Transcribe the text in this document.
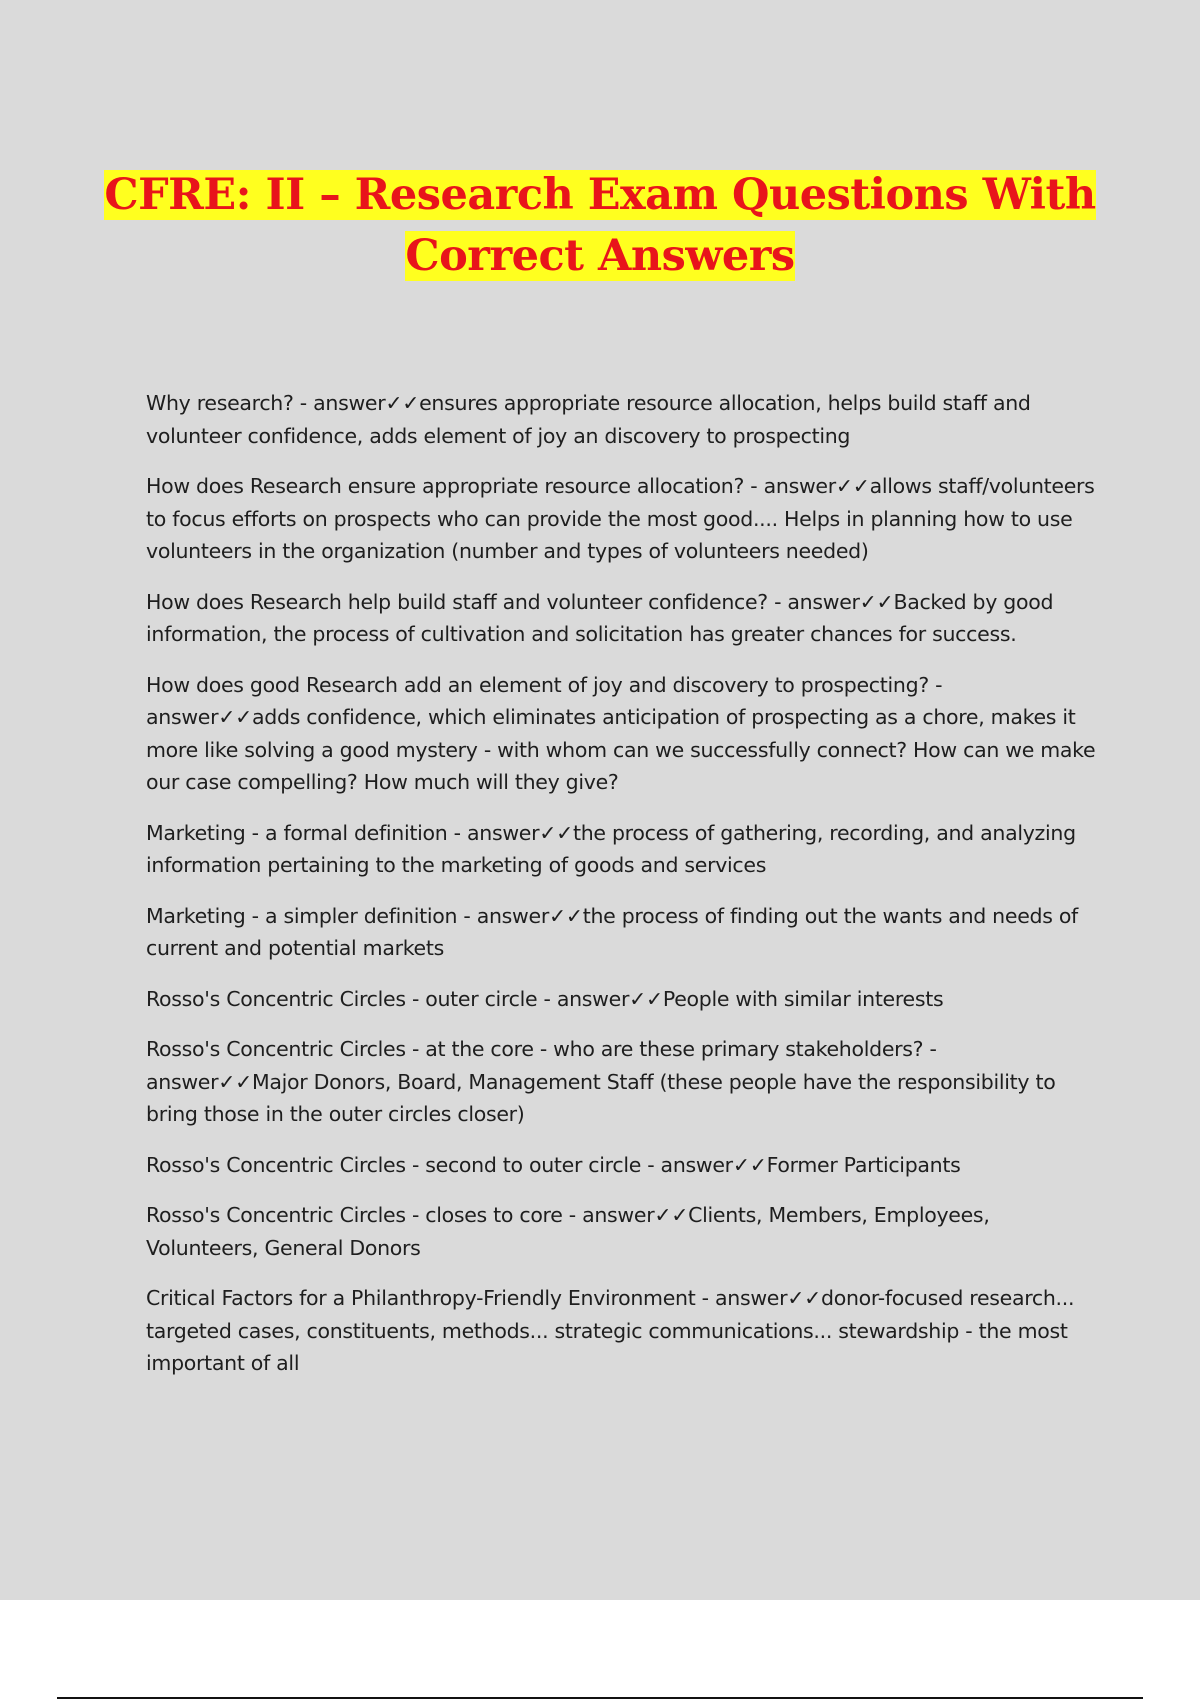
CFRE: II – Research Exam Questions With
Correct Answers

Why research? - answer✓✓ensures appropriate resource allocation, helps build staff and volunteer confidence, adds element of joy an discovery to prospecting

How does Research ensure appropriate resource allocation? - answer✓✓allows staff/volunteers to focus efforts on prospects who can provide the most good.... Helps in planning how to use volunteers in the organization (number and types of volunteers needed)

How does Research help build staff and volunteer confidence? - answer✓✓Backed by good information, the process of cultivation and solicitation has greater chances for success.

How does good Research add an element of joy and discovery to prospecting? - answer✓✓adds confidence, which eliminates anticipation of prospecting as a chore, makes it more like solving a good mystery - with whom can we successfully connect? How can we make our case compelling? How much will they give?

Marketing - a formal definition - answer✓✓the process of gathering, recording, and analyzing information pertaining to the marketing of goods and services

Marketing - a simpler definition - answer✓✓the process of finding out the wants and needs of current and potential markets

Rosso's Concentric Circles - outer circle - answer✓✓People with similar interests

Rosso's Concentric Circles - at the core - who are these primary stakeholders? - answer✓✓Major Donors, Board, Management Staff (these people have the responsibility to bring those in the outer circles closer)

Rosso's Concentric Circles - second to outer circle - answer✓✓Former Participants

Rosso's Concentric Circles - closes to core - answer✓✓Clients, Members, Employees, Volunteers, General Donors

Critical Factors for a Philanthropy-Friendly Environment - answer✓✓donor-focused research... targeted cases, constituents, methods... strategic communications... stewardship - the most important of all
